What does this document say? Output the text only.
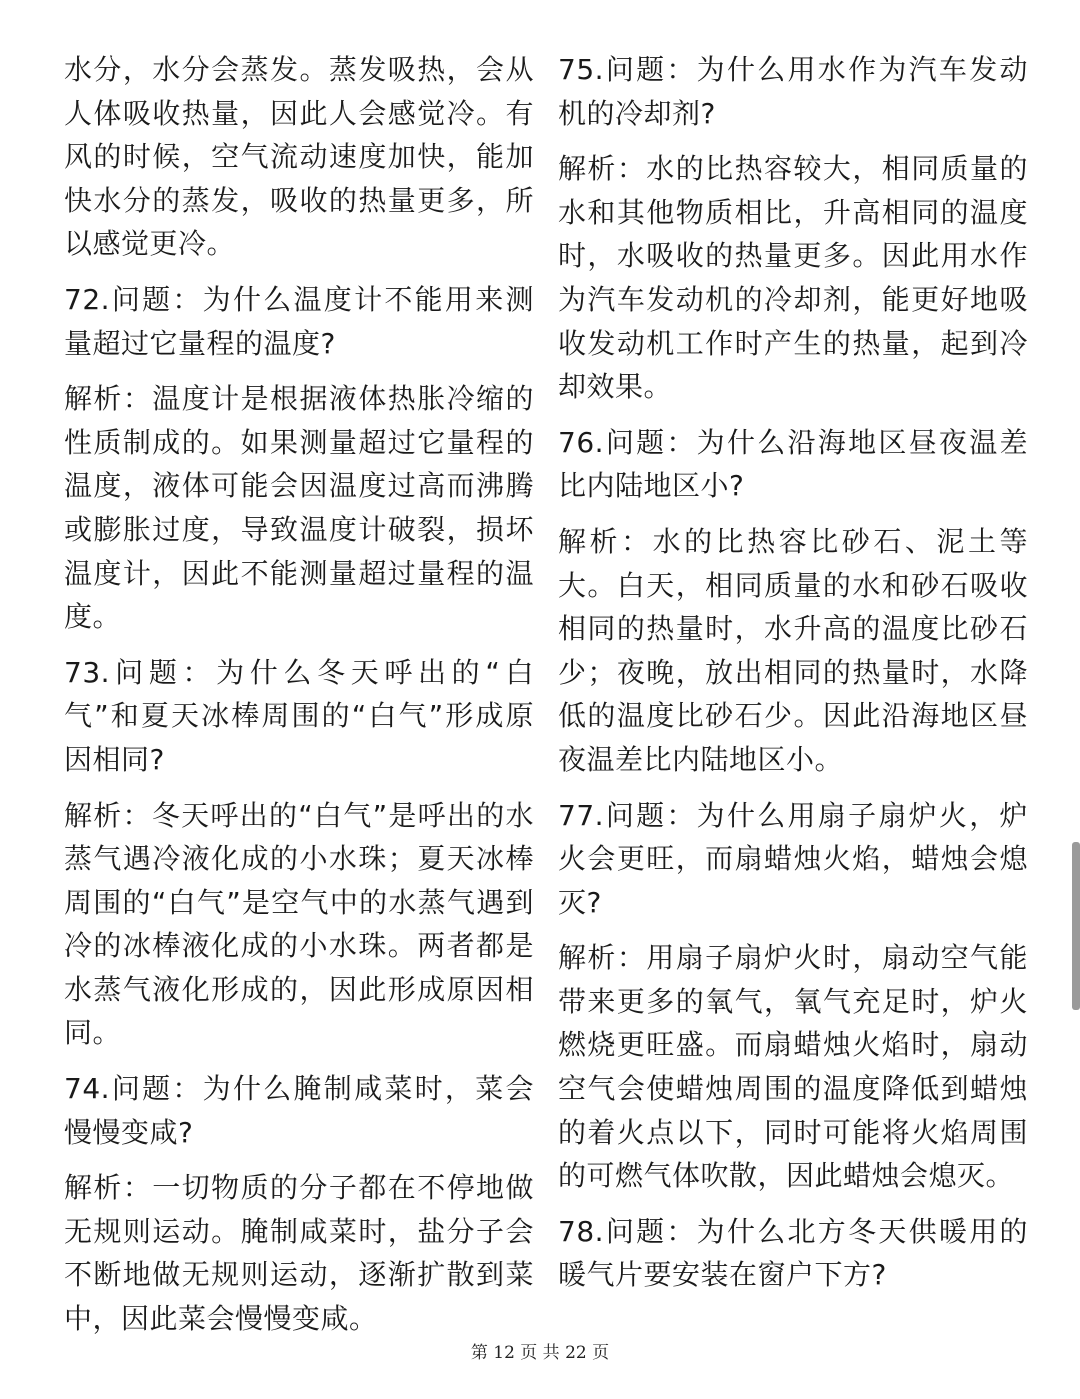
水分，水分会蒸发。蒸发吸热，会从人体吸收热量，因此人会感觉冷。有风的时候，空气流动速度加快，能加快水分的蒸发，吸收的热量更多，所以感觉更冷。

72.问题：为什么温度计不能用来测量超过它量程的温度?

解析：温度计是根据液体热胀冷缩的性质制成的。如果测量超过它量程的温度，液体可能会因温度过高而沸腾或膨胀过度，导致温度计破裂，损坏温度计，因此不能测量超过量程的温度。

73.问题：为什么冬天呼出的“白气”和夏天冰棒周围的“白气”形成原因相同?

解析：冬天呼出的“白气”是呼出的水蒸气遇冷液化成的小水珠；夏天冰棒周围的“白气”是空气中的水蒸气遇到冷的冰棒液化成的小水珠。两者都是水蒸气液化形成的，因此形成原因相同。

74.问题：为什么腌制咸菜时，菜会慢慢变咸?

解析：一切物质的分子都在不停地做无规则运动。腌制咸菜时，盐分子会不断地做无规则运动，逐渐扩散到菜中，因此菜会慢慢变咸。

75.问题：为什么用水作为汽车发动机的冷却剂?

解析：水的比热容较大，相同质量的水和其他物质相比，升高相同的温度时，水吸收的热量更多。因此用水作为汽车发动机的冷却剂，能更好地吸收发动机工作时产生的热量，起到冷却效果。

76.问题：为什么沿海地区昼夜温差比内陆地区小?

解析：水的比热容比砂石、泥土等大。白天，相同质量的水和砂石吸收相同的热量时，水升高的温度比砂石少；夜晚，放出相同的热量时，水降低的温度比砂石少。因此沿海地区昼夜温差比内陆地区小。

77.问题：为什么用扇子扇炉火，炉火会更旺，而扇蜡烛火焰，蜡烛会熄灭?

解析：用扇子扇炉火时，扇动空气能带来更多的氧气，氧气充足时，炉火燃烧更旺盛。而扇蜡烛火焰时，扇动空气会使蜡烛周围的温度降低到蜡烛的着火点以下，同时可能将火焰周围的可燃气体吹散，因此蜡烛会熄灭。

78.问题：为什么北方冬天供暖用的暖气片要安装在窗户下方?

第 12 页 共 22 页
